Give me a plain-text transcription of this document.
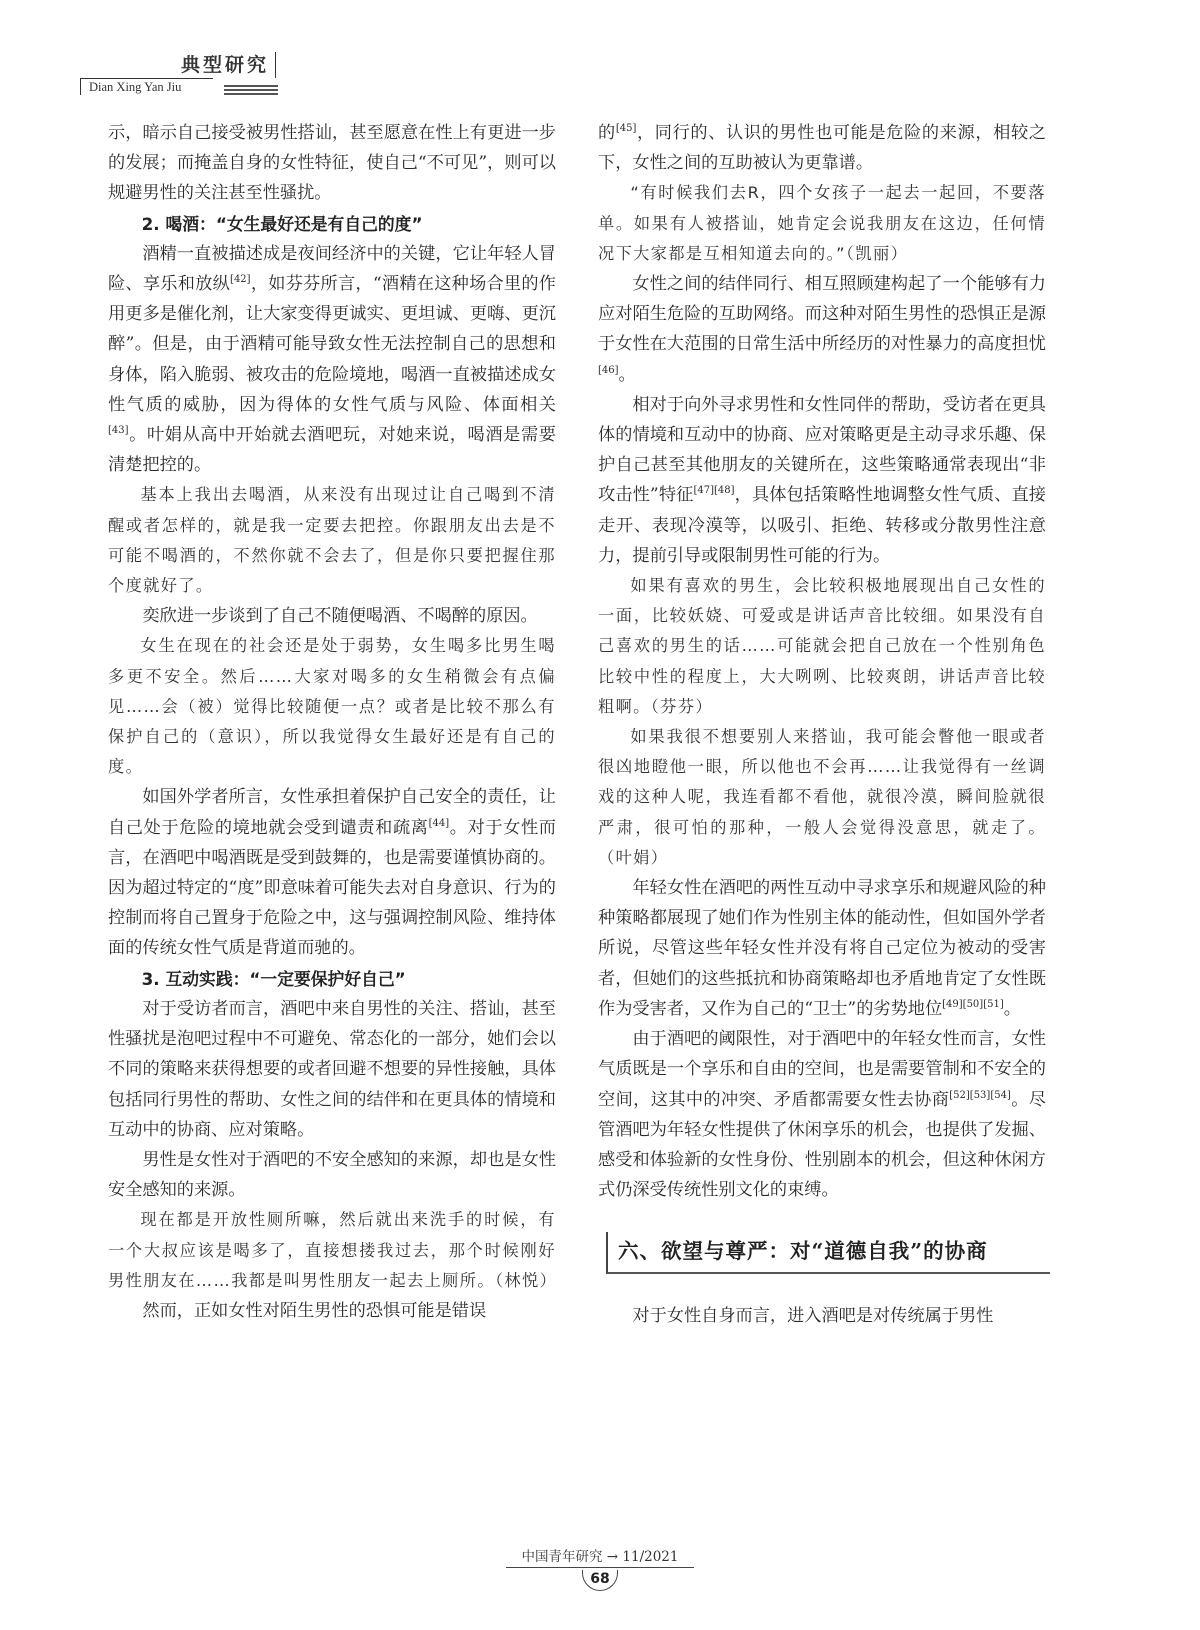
典型研究
Dian Xing Yan Jiu

示，暗示自己接受被男性搭讪，甚至愿意在性上有更进一步的发展；而掩盖自身的女性特征，使自己“不可见”，则可以规避男性的关注甚至性骚扰。

2. 喝酒：“女生最好还是有自己的度”

酒精一直被描述成是夜间经济中的关键，它让年轻人冒险、享乐和放纵[42]，如芬芬所言，“酒精在这种场合里的作用更多是催化剂，让大家变得更诚实、更坦诚、更嗨、更沉醉”。但是，由于酒精可能导致女性无法控制自己的思想和身体，陷入脆弱、被攻击的危险境地，喝酒一直被描述成女性气质的威胁，因为得体的女性气质与风险、体面相关[43]。叶娟从高中开始就去酒吧玩，对她来说，喝酒是需要清楚把控的。

基本上我出去喝酒，从来没有出现过让自己喝到不清醒或者怎样的，就是我一定要去把控。你跟朋友出去是不可能不喝酒的，不然你就不会去了，但是你只要把握住那个度就好了。

奕欣进一步谈到了自己不随便喝酒、不喝醉的原因。

女生在现在的社会还是处于弱势，女生喝多比男生喝多更不安全。然后……大家对喝多的女生稍微会有点偏见……会（被）觉得比较随便一点？或者是比较不那么有保护自己的（意识），所以我觉得女生最好还是有自己的度。

如国外学者所言，女性承担着保护自己安全的责任，让自己处于危险的境地就会受到谴责和疏离[44]。对于女性而言，在酒吧中喝酒既是受到鼓舞的，也是需要谨慎协商的。因为超过特定的“度”即意味着可能失去对自身意识、行为的控制而将自己置身于危险之中，这与强调控制风险、维持体面的传统女性气质是背道而驰的。

3. 互动实践：“一定要保护好自己”

对于受访者而言，酒吧中来自男性的关注、搭讪，甚至性骚扰是泡吧过程中不可避免、常态化的一部分，她们会以不同的策略来获得想要的或者回避不想要的异性接触，具体包括同行男性的帮助、女性之间的结伴和在更具体的情境和互动中的协商、应对策略。

男性是女性对于酒吧的不安全感知的来源，却也是女性安全感知的来源。

现在都是开放性厕所嘛，然后就出来洗手的时候，有一个大叔应该是喝多了，直接想搂我过去，那个时候刚好男性朋友在……我都是叫男性朋友一起去上厕所。（林悦）

然而，正如女性对陌生男性的恐惧可能是错误

的[45]，同行的、认识的男性也可能是危险的来源，相较之下，女性之间的互助被认为更靠谱。

“有时候我们去R，四个女孩子一起去一起回，不要落单。如果有人被搭讪，她肯定会说我朋友在这边，任何情况下大家都是互相知道去向的。”（凯丽）

女性之间的结伴同行、相互照顾建构起了一个能够有力应对陌生危险的互助网络。而这种对陌生男性的恐惧正是源于女性在大范围的日常生活中所经历的对性暴力的高度担忧[46]。

相对于向外寻求男性和女性同伴的帮助，受访者在更具体的情境和互动中的协商、应对策略更是主动寻求乐趣、保护自己甚至其他朋友的关键所在，这些策略通常表现出“非攻击性”特征[47][48]，具体包括策略性地调整女性气质、直接走开、表现冷漠等，以吸引、拒绝、转移或分散男性注意力，提前引导或限制男性可能的行为。

如果有喜欢的男生，会比较积极地展现出自己女性的一面，比较妖娆、可爱或是讲话声音比较细。如果没有自己喜欢的男生的话……可能就会把自己放在一个性别角色比较中性的程度上，大大咧咧、比较爽朗，讲话声音比较粗啊。（芬芬）

如果我很不想要别人来搭讪，我可能会瞥他一眼或者很凶地瞪他一眼，所以他也不会再……让我觉得有一丝调戏的这种人呢，我连看都不看他，就很冷漠，瞬间脸就很严肃，很可怕的那种，一般人会觉得没意思，就走了。（叶娟）

年轻女性在酒吧的两性互动中寻求享乐和规避风险的种种策略都展现了她们作为性别主体的能动性，但如国外学者所说，尽管这些年轻女性并没有将自己定位为被动的受害者，但她们的这些抵抗和协商策略却也矛盾地肯定了女性既作为受害者，又作为自己的“卫士”的劣势地位[49][50][51]。

由于酒吧的阈限性，对于酒吧中的年轻女性而言，女性气质既是一个享乐和自由的空间，也是需要管制和不安全的空间，这其中的冲突、矛盾都需要女性去协商[52][53][54]。尽管酒吧为年轻女性提供了休闲享乐的机会，也提供了发掘、感受和体验新的女性身份、性别剧本的机会，但这种休闲方式仍深受传统性别文化的束缚。

六、欲望与尊严：对“道德自我”的协商

对于女性自身而言，进入酒吧是对传统属于男性

中国青年研究 → 11/2021
68
